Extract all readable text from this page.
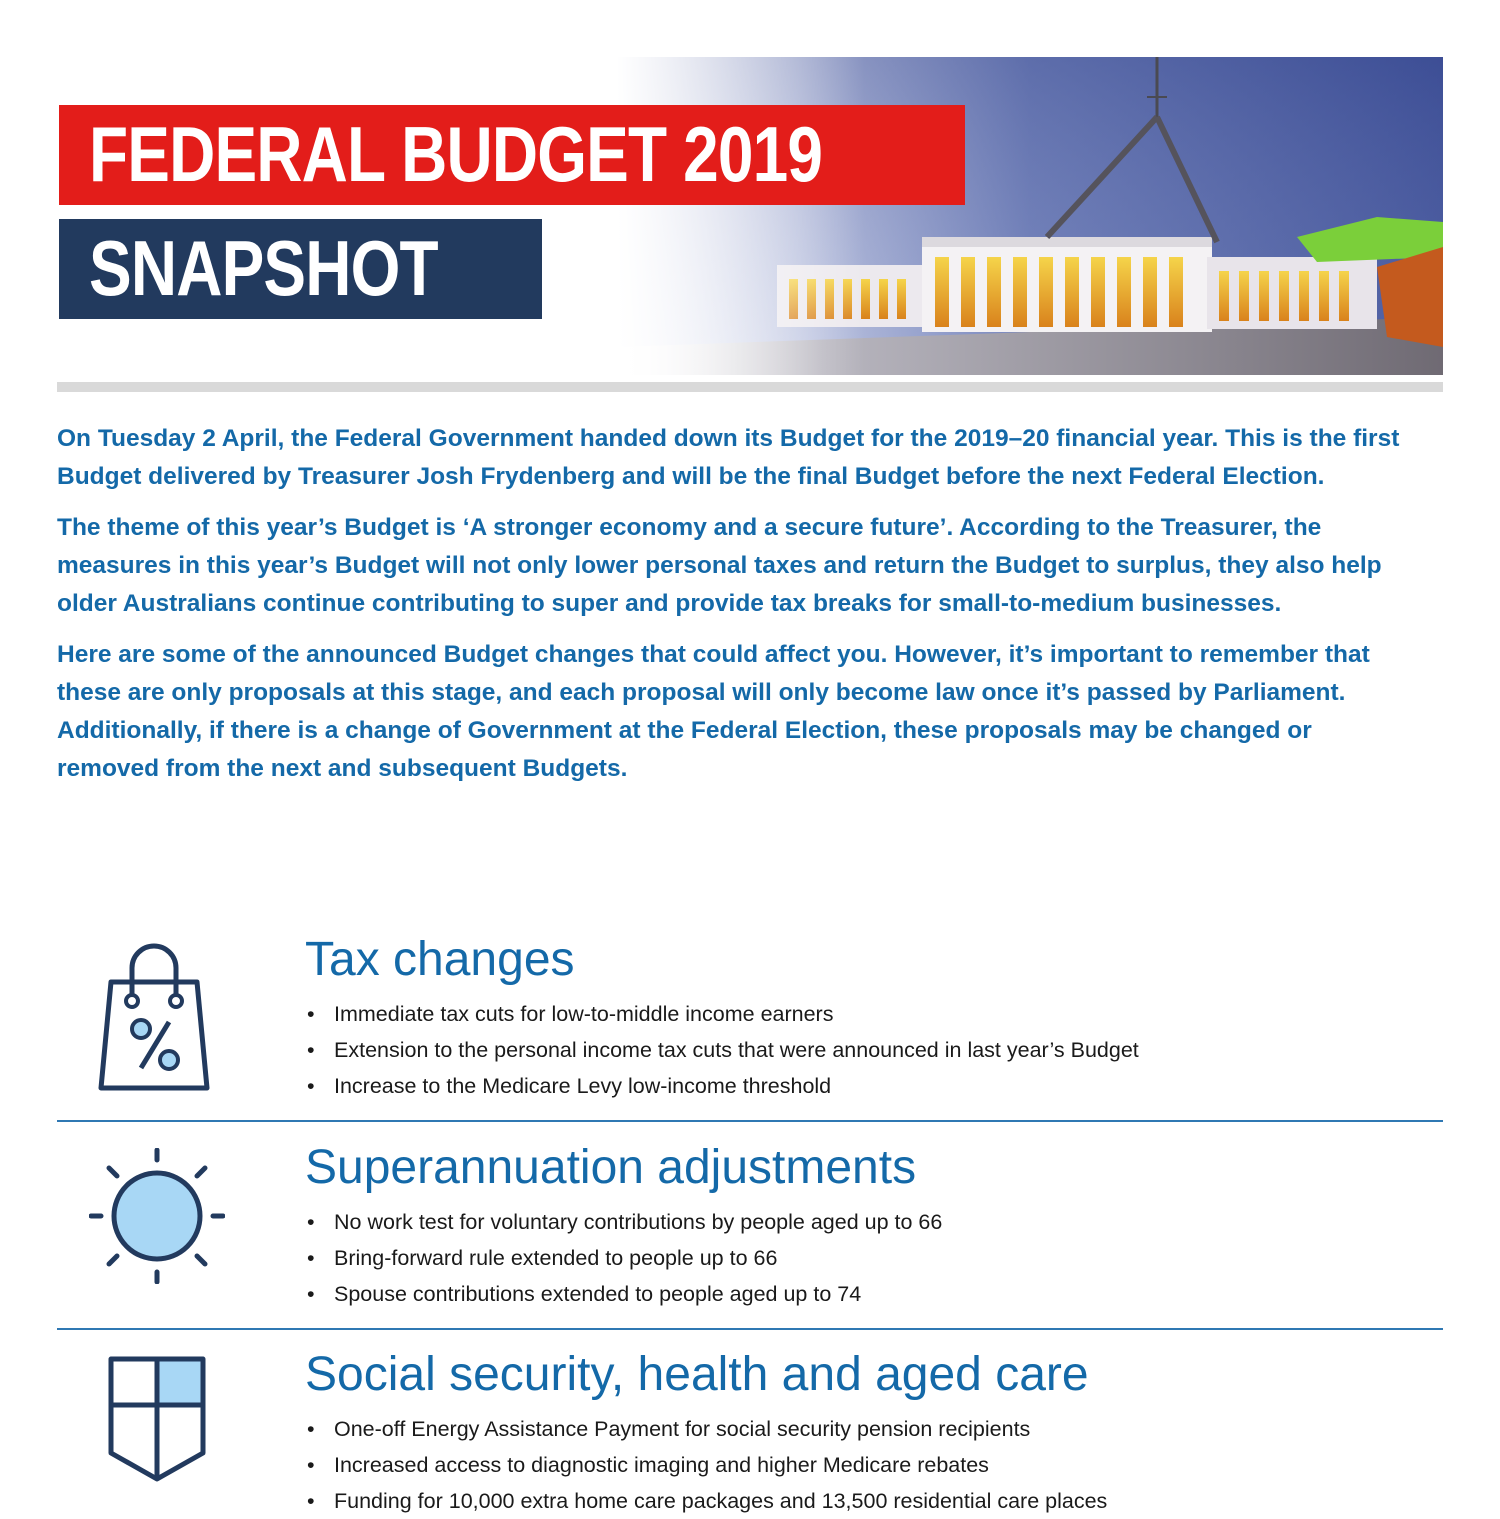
FEDERAL BUDGET 2019
SNAPSHOT

On Tuesday 2 April, the Federal Government handed down its Budget for the 2019–20 financial year. This is the first Budget delivered by Treasurer Josh Frydenberg and will be the final Budget before the next Federal Election.

The theme of this year’s Budget is ‘A stronger economy and a secure future’. According to the Treasurer, the measures in this year’s Budget will not only lower personal taxes and return the Budget to surplus, they also help older Australians continue contributing to super and provide tax breaks for small-to-medium businesses.

Here are some of the announced Budget changes that could affect you. However, it’s important to remember that these are only proposals at this stage, and each proposal will only become law once it’s passed by Parliament. Additionally, if there is a change of Government at the Federal Election, these proposals may be changed or removed from the next and subsequent Budgets.

Tax changes
• Immediate tax cuts for low-to-middle income earners
• Extension to the personal income tax cuts that were announced in last year’s Budget
• Increase to the Medicare Levy low-income threshold
Superannuation adjustments
• No work test for voluntary contributions by people aged up to 66
• Bring-forward rule extended to people up to 66
• Spouse contributions extended to people aged up to 74
Social security, health and aged care
• One-off Energy Assistance Payment for social security pension recipients
• Increased access to diagnostic imaging and higher Medicare rebates
• Funding for 10,000 extra home care packages and 13,500 residential care places
